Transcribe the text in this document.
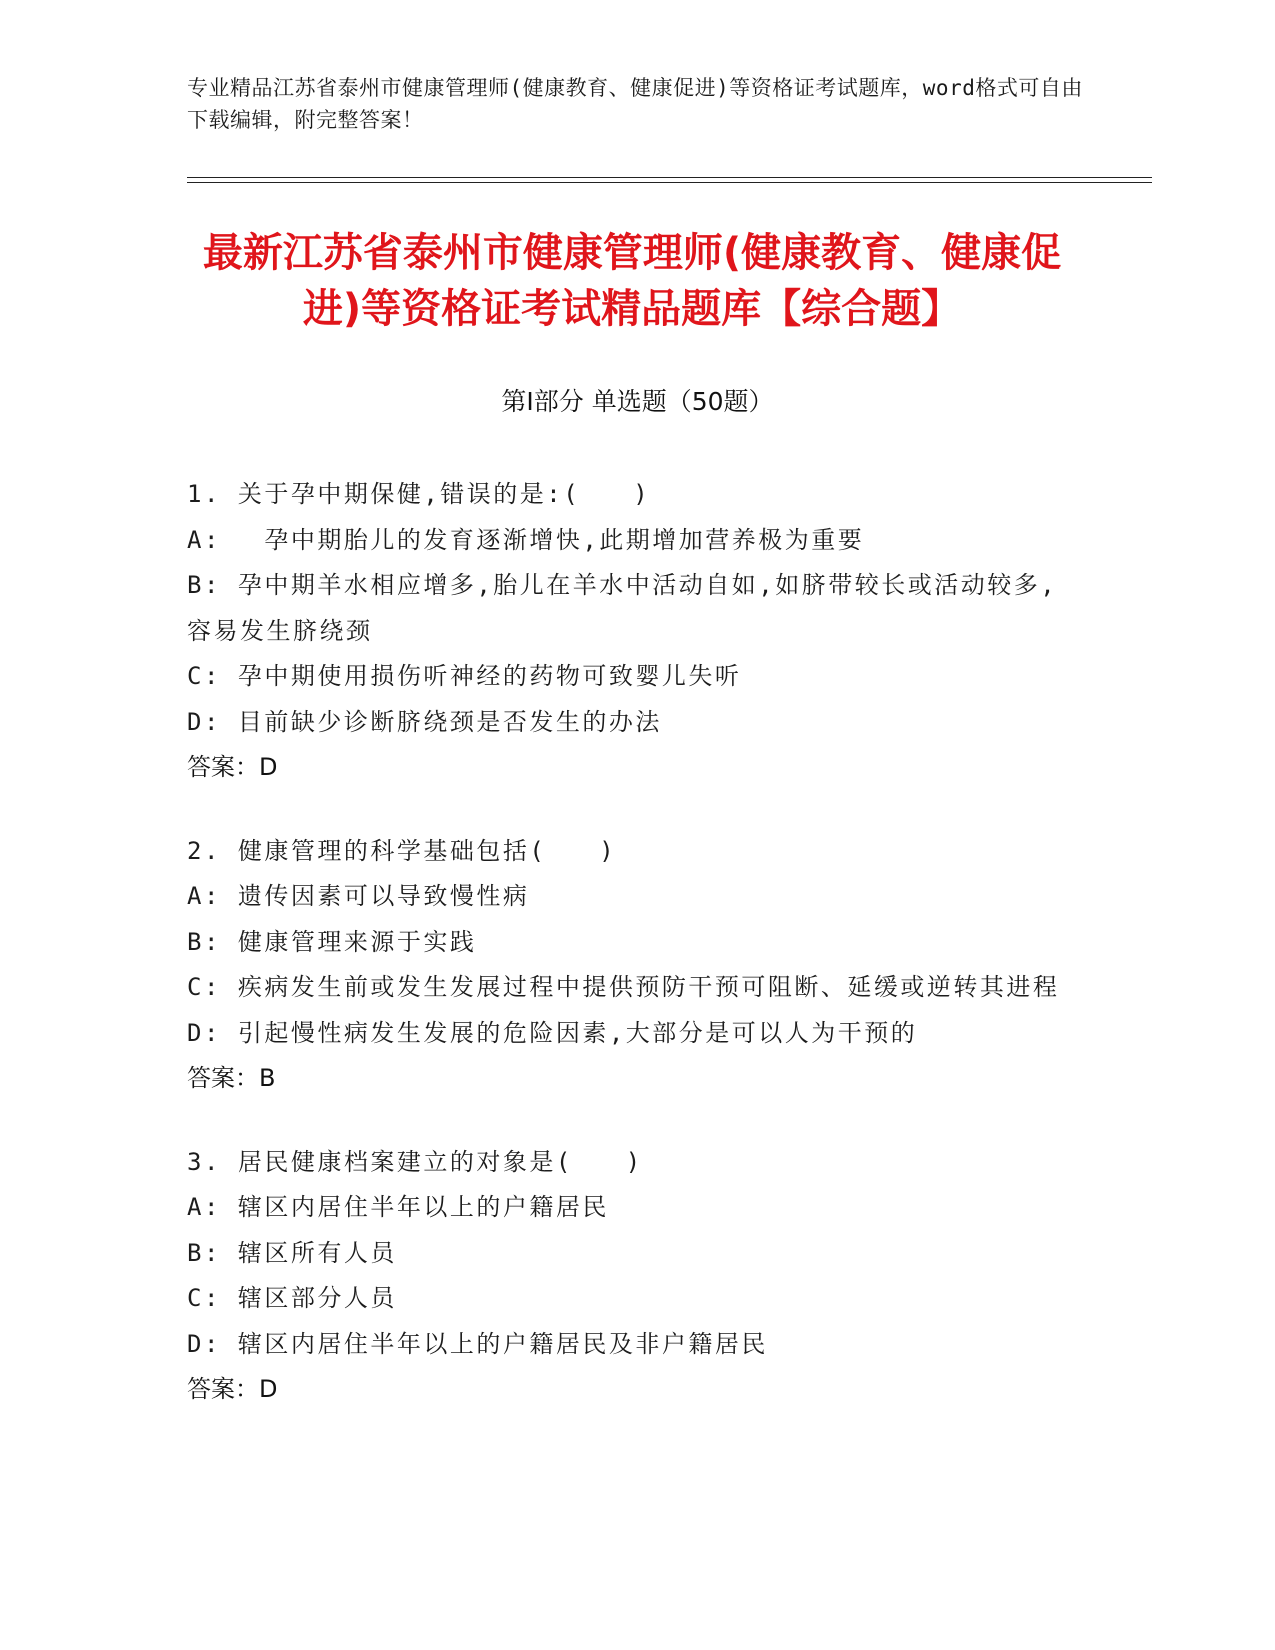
专业精品江苏省泰州市健康管理师(健康教育、健康促进)等资格证考试题库，word格式可自由下载编辑，附完整答案！
最新江苏省泰州市健康管理师(健康教育、健康促进)等资格证考试精品题库【综合题】
第Ⅰ部分 单选题（50题）
1. 关于孕中期保健,错误的是:(　　)
A: 　孕中期胎儿的发育逐渐增快,此期增加营养极为重要
B: 孕中期羊水相应增多,胎儿在羊水中活动自如,如脐带较长或活动较多,容易发生脐绕颈
C: 孕中期使用损伤听神经的药物可致婴儿失听
D: 目前缺少诊断脐绕颈是否发生的办法
答案：D
2. 健康管理的科学基础包括(　　)
A: 遗传因素可以导致慢性病
B: 健康管理来源于实践
C: 疾病发生前或发生发展过程中提供预防干预可阻断、延缓或逆转其进程
D: 引起慢性病发生发展的危险因素,大部分是可以人为干预的
答案：B
3. 居民健康档案建立的对象是(　　)
A: 辖区内居住半年以上的户籍居民
B: 辖区所有人员
C: 辖区部分人员
D: 辖区内居住半年以上的户籍居民及非户籍居民
答案：D
